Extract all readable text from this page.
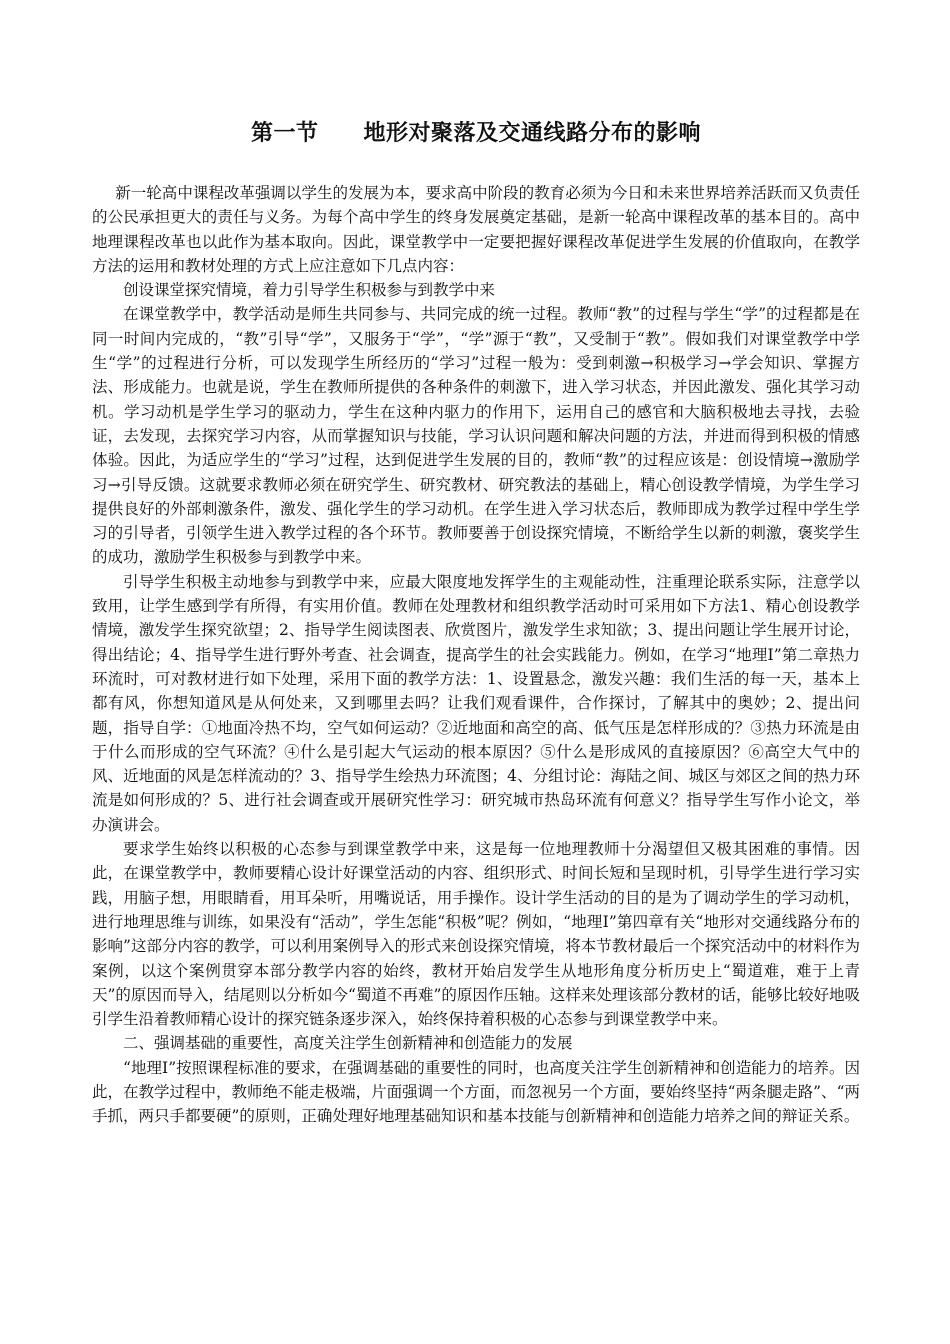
第一节　　地形对聚落及交通线路分布的影响

新一轮高中课程改革强调以学生的发展为本，要求高中阶段的教育必须为今日和未来世界培养活跃而又负责任的公民承担更大的责任与义务。为每个高中学生的终身发展奠定基础，是新一轮高中课程改革的基本目的。高中地理课程改革也以此作为基本取向。因此，课堂教学中一定要把握好课程改革促进学生发展的价值取向，在教学方法的运用和教材处理的方式上应注意如下几点内容：

创设课堂探究情境，着力引导学生积极参与到教学中来

在课堂教学中，教学活动是师生共同参与、共同完成的统一过程。教师“教”的过程与学生“学”的过程都是在同一时间内完成的，“教”引导“学”，又服务于“学”，“学”源于“教”，又受制于“教”。假如我们对课堂教学中学生“学”的过程进行分析，可以发现学生所经历的“学习”过程一般为：受到刺激→积极学习→学会知识、掌握方法、形成能力。也就是说，学生在教师所提供的各种条件的刺激下，进入学习状态，并因此激发、强化其学习动机。学习动机是学生学习的驱动力，学生在这种内驱力的作用下，运用自己的感官和大脑积极地去寻找，去验证，去发现，去探究学习内容，从而掌握知识与技能，学习认识问题和解决问题的方法，并进而得到积极的情感体验。因此，为适应学生的“学习”过程，达到促进学生发展的目的，教师“教”的过程应该是：创设情境→激励学习→引导反馈。这就要求教师必须在研究学生、研究教材、研究教法的基础上，精心创设教学情境，为学生学习提供良好的外部刺激条件，激发、强化学生的学习动机。在学生进入学习状态后，教师即成为教学过程中学生学习的引导者，引领学生进入教学过程的各个环节。教师要善于创设探究情境，不断给学生以新的刺激，褒奖学生的成功，激励学生积极参与到教学中来。

引导学生积极主动地参与到教学中来，应最大限度地发挥学生的主观能动性，注重理论联系实际，注意学以致用，让学生感到学有所得，有实用价值。教师在处理教材和组织教学活动时可采用如下方法1、精心创设教学情境，激发学生探究欲望；2、指导学生阅读图表、欣赏图片，激发学生求知欲；3、提出问题让学生展开讨论，得出结论；4、指导学生进行野外考查、社会调查，提高学生的社会实践能力。例如，在学习“地理Ⅰ”第二章热力环流时，可对教材进行如下处理，采用下面的教学方法：1、设置悬念，激发兴趣：我们生活的每一天，基本上都有风，你想知道风是从何处来，又到哪里去吗？让我们观看课件，合作探讨，了解其中的奥妙；2、提出问题，指导自学：①地面冷热不均，空气如何运动？②近地面和高空的高、低气压是怎样形成的？③热力环流是由于什么而形成的空气环流？④什么是引起大气运动的根本原因？⑤什么是形成风的直接原因？⑥高空大气中的风、近地面的风是怎样流动的？3、指导学生绘热力环流图；4、分组讨论：海陆之间、城区与郊区之间的热力环流是如何形成的？5、进行社会调查或开展研究性学习：研究城市热岛环流有何意义？指导学生写作小论文，举办演讲会。

要求学生始终以积极的心态参与到课堂教学中来，这是每一位地理教师十分渴望但又极其困难的事情。因此，在课堂教学中，教师要精心设计好课堂活动的内容、组织形式、时间长短和呈现时机，引导学生进行学习实践，用脑子想，用眼睛看，用耳朵听，用嘴说话，用手操作。设计学生活动的目的是为了调动学生的学习动机，进行地理思维与训练，如果没有“活动”，学生怎能“积极”呢？例如，“地理Ⅰ”第四章有关“地形对交通线路分布的影响”这部分内容的教学，可以利用案例导入的形式来创设探究情境，将本节教材最后一个探究活动中的材料作为案例，以这个案例贯穿本部分教学内容的始终，教材开始启发学生从地形角度分析历史上“蜀道难，难于上青天”的原因而导入，结尾则以分析如今“蜀道不再难”的原因作压轴。这样来处理该部分教材的话，能够比较好地吸引学生沿着教师精心设计的探究链条逐步深入，始终保持着积极的心态参与到课堂教学中来。

二、强调基础的重要性，高度关注学生创新精神和创造能力的发展

“地理Ⅰ”按照课程标准的要求，在强调基础的重要性的同时，也高度关注学生创新精神和创造能力的培养。因此，在教学过程中，教师绝不能走极端，片面强调一个方面，而忽视另一个方面，要始终坚持“两条腿走路”、“两手抓，两只手都要硬”的原则，正确处理好地理基础知识和基本技能与创新精神和创造能力培养之间的辩证关系。
